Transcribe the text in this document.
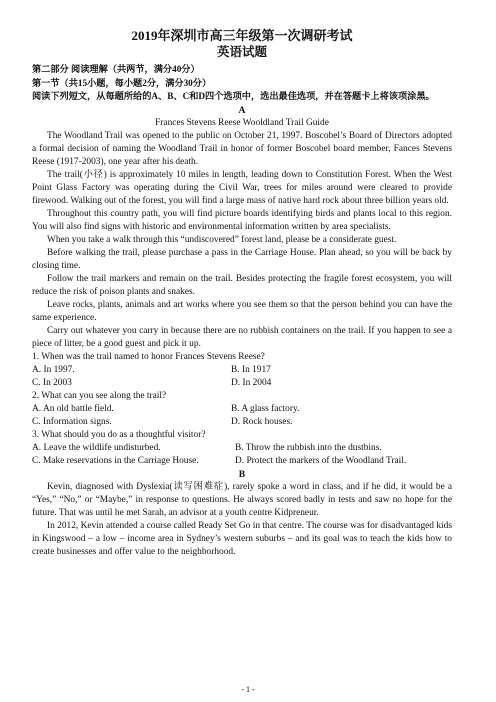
2019年深圳市高三年级第一次调研考试
英语试题
第二部分 阅读理解（共两节，满分40分）
第一节（共15小题，每小题2分，满分30分）
阅读下列短文，从每题所给的A、B、C和D四个选项中，选出最佳选项，并在答题卡上将该项涂黑。
A
Frances Stevens Reese Wooldland Trail Guide

The Woodland Trail was opened to the public on October 21, 1997. Boscobel’s Board of Directors adopted a formal decision of naming the Woodland Trail in honor of former Boscobel board member, Fances Stevens Reese (1917-2003), one year after his death.

The trail(小径) is approximately 10 miles in length, leading down to Constitution Forest. When the West Point Glass Factory was operating during the Civil War, trees for miles around were cleared to provide firewood. Walking out of the forest, you will find a large mass of native hard rock about three billion years old.

Throughout this country path, you will find picture boards identifying birds and plants local to this region. You will also find signs with historic and environmental information written by area specialists.

When you take a walk through this “undiscovered” forest land, please be a considerate guest.

Before walking the trail, please purchase a pass in the Carriage House. Plan ahead, so you will be back by closing time.

Follow the trail markers and remain on the trail. Besides protecting the fragile forest ecosystem, you will reduce the risk of poison plants and snakes.

Leave rocks, plants, animals and art works where you see them so that the person behind you can have the same experience.

Carry out whatever you carry in because there are no rubbish containers on the trail. If you happen to see a piece of litter, be a good guest and pick it up.

1. When was the trail named to honor Frances Stevens Reese?
A. In 1997.	B. In 1917
C. In 2003	D. In 2004
2. What can you see along the trail?
A. An old battle field.	B. A glass factory.
C. Information signs.	D. Rock houses.
3. What should you do as a thoughtful visitor?
A. Leave the wildlife undisturbed.	B. Throw the rubbish into the dustbins.
C. Make reservations in the Carriage House.	D. Protect the markers of the Woodland Trail.
B

Kevin, diagnosed with Dyslexia(读写困难症), rarely spoke a word in class, and if he did, it would be a “Yes,” “No,” or “Maybe,” in response to questions. He always scored badly in tests and saw no hope for the future. That was until he met Sarah, an advisor at a youth centre Kidpreneur.

In 2012, Kevin attended a course called Ready Set Go in that centre. The course was for disadvantaged kids in Kingswood – a low – income area in Sydney’s western suburbs – and its goal was to teach the kids how to create businesses and offer value to the neighborhood.

- 1 -
